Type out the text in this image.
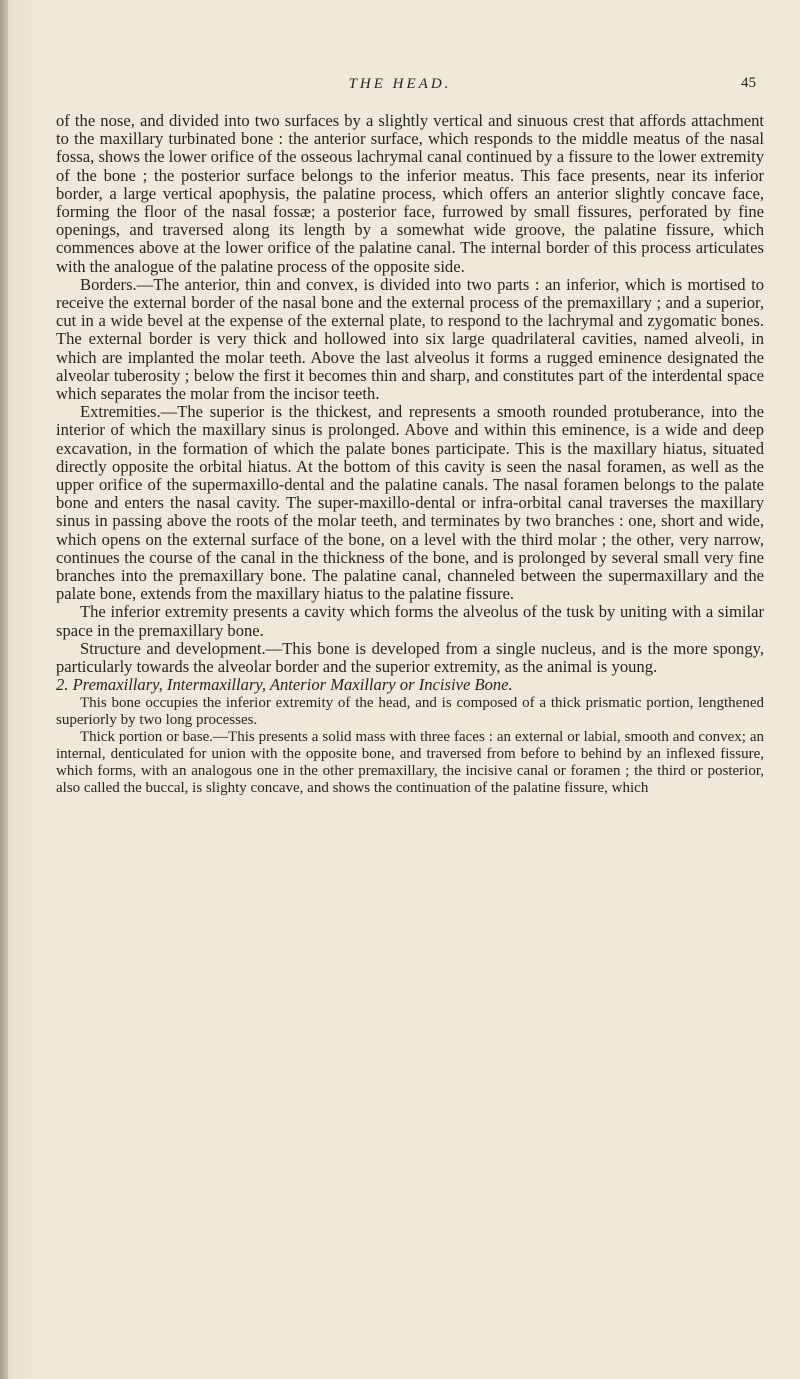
THE HEAD.	45

of the nose, and divided into two surfaces by a slightly vertical and sinuous crest that affords attachment to the maxillary turbinated bone : the anterior surface, which responds to the middle meatus of the nasal fossa, shows the lower orifice of the osseous lachrymal canal continued by a fissure to the lower extremity of the bone ; the posterior surface belongs to the inferior meatus. This face presents, near its inferior border, a large vertical apophysis, the palatine process, which offers an anterior slightly concave face, forming the floor of the nasal fossæ; a posterior face, furrowed by small fissures, perforated by fine openings, and traversed along its length by a somewhat wide groove, the palatine fissure, which commences above at the lower orifice of the palatine canal. The internal border of this process articulates with the analogue of the palatine process of the opposite side.

Borders.—The anterior, thin and convex, is divided into two parts : an inferior, which is mortised to receive the external border of the nasal bone and the external process of the premaxillary ; and a superior, cut in a wide bevel at the expense of the external plate, to respond to the lachrymal and zygomatic bones. The external border is very thick and hollowed into six large quadrilateral cavities, named alveoli, in which are implanted the molar teeth. Above the last alveolus it forms a rugged eminence designated the alveolar tuberosity ; below the first it becomes thin and sharp, and constitutes part of the interdental space which separates the molar from the incisor teeth.

Extremities.—The superior is the thickest, and represents a smooth rounded protuberance, into the interior of which the maxillary sinus is prolonged. Above and within this eminence, is a wide and deep excavation, in the formation of which the palate bones participate. This is the maxillary hiatus, situated directly opposite the orbital hiatus. At the bottom of this cavity is seen the nasal foramen, as well as the upper orifice of the supermaxillo-dental and the palatine canals. The nasal foramen belongs to the palate bone and enters the nasal cavity. The super-maxillo-dental or infra-orbital canal traverses the maxillary sinus in passing above the roots of the molar teeth, and terminates by two branches : one, short and wide, which opens on the external surface of the bone, on a level with the third molar ; the other, very narrow, continues the course of the canal in the thickness of the bone, and is prolonged by several small very fine branches into the premaxillary bone. The palatine canal, channeled between the supermaxillary and the palate bone, extends from the maxillary hiatus to the palatine fissure.

The inferior extremity presents a cavity which forms the alveolus of the tusk by uniting with a similar space in the premaxillary bone.

Structure and development.—This bone is developed from a single nucleus, and is the more spongy, particularly towards the alveolar border and the superior extremity, as the animal is young.

2. Premaxillary, Intermaxillary, Anterior Maxillary or Incisive Bone.

This bone occupies the inferior extremity of the head, and is composed of a thick prismatic portion, lengthened superiorly by two long processes.

Thick portion or base.—This presents a solid mass with three faces : an external or labial, smooth and convex; an internal, denticulated for union with the opposite bone, and traversed from before to behind by an inflexed fissure, which forms, with an analogous one in the other premaxillary, the incisive canal or foramen ; the third or posterior, also called the buccal, is slighty concave, and shows the continuation of the palatine fissure, which
